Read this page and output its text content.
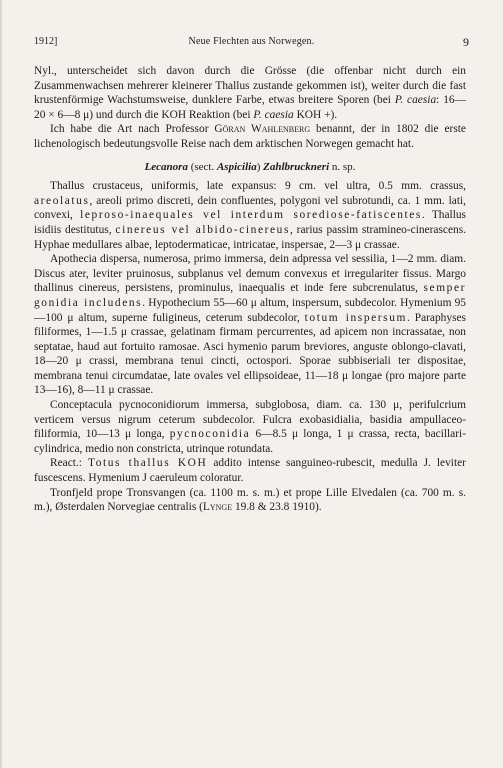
1912]	Neue Flechten aus Norwegen.	9

Nyl., unterscheidet sich davon durch die Grösse (die offenbar nicht durch ein Zusammenwachsen mehrerer kleinerer Thallus zustande gekommen ist), weiter durch die fast krustenförmige Wachstumsweise, dunklere Farbe, etwas breitere Sporen (bei P. caesia: 16—20 × 6—8 μ) und durch die KOH Reaktion (bei P. caesia KOH +).

Ich habe die Art nach Professor Göran Wahlenberg benannt, der in 1802 die erste lichenologisch bedeutungsvolle Reise nach dem arktischen Norwegen gemacht hat.

Lecanora (sect. Aspicilia) Zahlbruckneri n. sp.

Thallus crustaceus, uniformis, late expansus: 9 cm. vel ultra, 0.5 mm. crassus, areolatus, areoli primo discreti, dein confluentes, polygoni vel subrotundi, ca. 1 mm. lati, convexi, leproso-inaequales vel interdum sorediose-fatiscentes. Thallus isidiis destitutus, cinereus vel albido-cinereus, rarius passim stramineo-cinerascens. Hyphae medullares albae, leptodermaticae, intricatae, inspersae, 2—3 μ crassae.

Apothecia dispersa, numerosa, primo immersa, dein adpressa vel sessilia, 1—2 mm. diam. Discus ater, leviter pruinosus, subplanus vel demum convexus et irregulariter fissus. Margo thallinus cinereus, persistens, prominulus, inaequalis et inde fere subcrenulatus, semper gonidia includens. Hypothecium 55—60 μ altum, inspersum, subdecolor. Hymenium 95—100 μ altum, superne fuligineus, ceterum subdecolor, totum inspersum. Paraphyses filiformes, 1—1.5 μ crassae, gelatinam firmam percurrentes, ad apicem non incrassatae, non septatae, haud aut fortuito ramosae. Asci hymenio parum breviores, anguste oblongo-clavati, 18—20 μ crassi, membrana tenui cincti, octospori. Sporae subbiseriali ter dispositae, membrana tenui circumdatae, late ovales vel ellipsoideae, 11—18 μ longae (pro majore parte 13—16), 8—11 μ crassae.

Conceptacula pycnoconidiorum immersa, subglobosa, diam. ca. 130 μ, perifulcrium verticem versus nigrum ceterum subdecolor. Fulcra exobasidialia, basidia ampullaceo-filiformia, 10—13 μ longa, pycnoconidia 6—8.5 μ longa, 1 μ crassa, recta, bacillari-cylindrica, medio non constricta, utrinque rotundata.

React.: Totus thallus KOH addito intense sanguineo-rubescit, medulla J. leviter fuscescens. Hymenium J caeruleum coloratur.

Tronfjeld prope Tronsvangen (ca. 1100 m. s. m.) et prope Lille Elvedalen (ca. 700 m. s. m.), Østerdalen Norvegiae centralis (Lynge 19.8 & 23.8 1910).
